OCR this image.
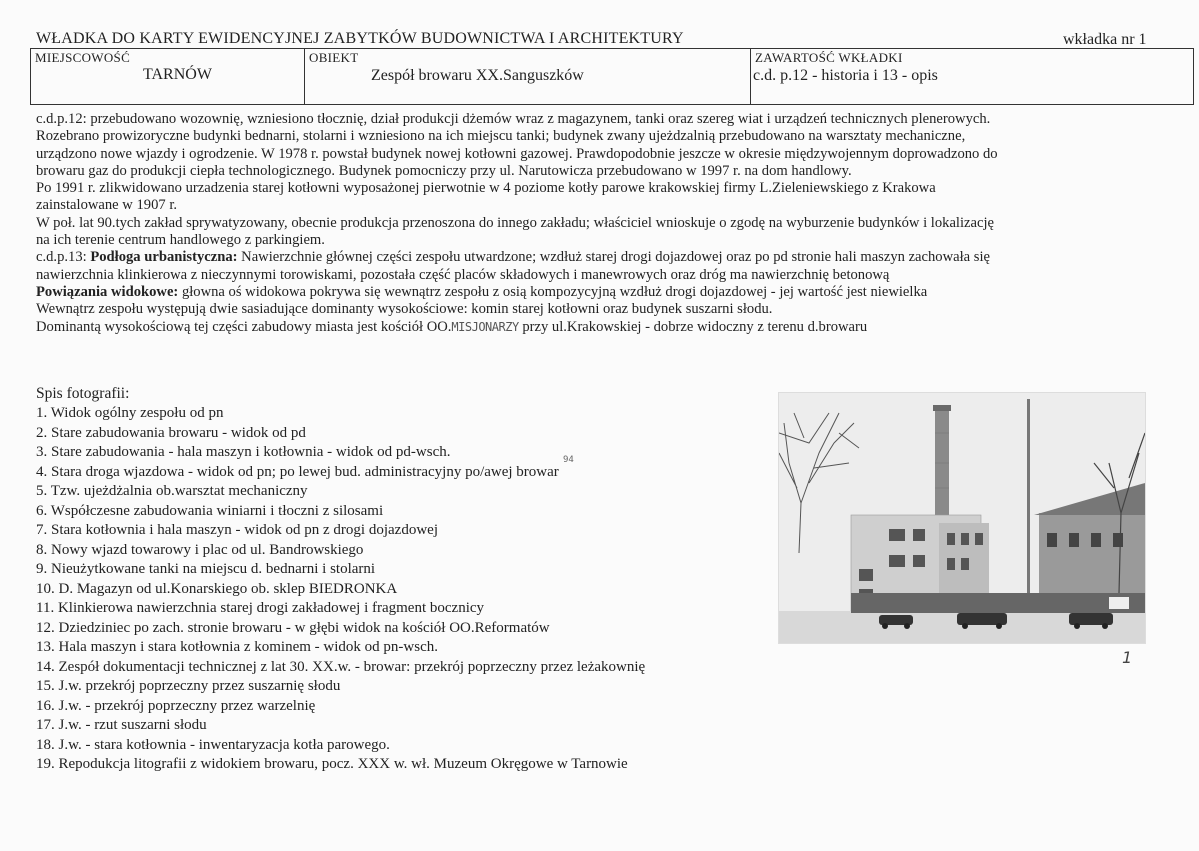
WŁADKA DO KARTY EWIDENCYJNEJ ZABYTKÓW BUDOWNICTWA I ARCHITEKTURY	wkładka nr 1
MIEJSCOWOŚĆ
TARNÓW
OBIEKT
Zespół browaru XX.Sanguszków
ZAWARTOŚĆ WKŁADKI
c.d. p.12 - historia i 13 - opis

c.d.p.12: przebudowano wozownię, wzniesiono tłocznię, dział produkcji dżemów wraz z magazynem, tanki oraz szereg wiat i urządzeń technicznych plenerowych.

Rozebrano prowizoryczne budynki bednarni, stolarni i wzniesiono na ich miejscu tanki; budynek zwany ujeżdzalnią przebudowano na warsztaty mechaniczne,

urządzono nowe wjazdy i ogrodzenie. W 1978 r. powstał budynek nowej kotłowni gazowej. Prawdopodobnie jeszcze w okresie międzywojennym doprowadzono do

browaru gaz do produkcji ciepła technologicznego. Budynek pomocniczy przy ul. Narutowicza przebudowano w 1997 r. na dom handlowy.

Po 1991 r. zlikwidowano urzadzenia starej kotłowni wyposażonej pierwotnie w 4 poziome kotły parowe krakowskiej firmy L.Zieleniewskiego z Krakowa

zainstalowane w 1907 r.

W poł. lat 90.tych zakład sprywatyzowany, obecnie produkcja przenoszona do innego zakładu; właściciel wnioskuje o zgodę na wyburzenie budynków i lokalizację

na ich terenie centrum handlowego z parkingiem.

c.d.p.13: Podłoga urbanistyczna: Nawierzchnie głównej części zespołu utwardzone; wzdłuż starej drogi dojazdowej oraz po pd stronie hali maszyn zachowała się

nawierzchnia klinkierowa z nieczynnymi torowiskami, pozostała część placów składowych i manewrowych oraz dróg ma nawierzchnię betonową

Powiązania widokowe: głowna oś widokowa pokrywa się wewnątrz zespołu z osią kompozycyjną wzdłuż drogi dojazdowej - jej wartość jest niewielka

Wewnątrz zespołu występują dwie sasiadujące dominanty wysokościowe: komin starej kotłowni oraz budynek suszarni słodu.

Dominantą wysokościową tej części zabudowy miasta jest kościół OO.MISJONARZY przy ul.Krakowskiej - dobrze widoczny z terenu d.browaru

Spis fotografii:
1. Widok ogólny zespołu od pn
2. Stare zabudowania browaru - widok od pd
3. Stare zabudowania - hala maszyn i kotłownia - widok od pd-wsch.
4. Stara droga wjazdowa - widok od pn; po lewej bud. administracyjny po/awej browar
5. Tzw. ujeżdżalnia ob.warsztat mechaniczny
6. Współczesne zabudowania winiarni i tłoczni z silosami
7. Stara kotłownia i hala maszyn - widok od pn z drogi dojazdowej
8. Nowy wjazd towarowy i plac od ul. Bandrowskiego
9. Nieużytkowane tanki na miejscu d. bednarni i stolarni
10. D. Magazyn od ul.Konarskiego ob. sklep BIEDRONKA
11. Klinkierowa nawierzchnia starej drogi zakładowej i fragment bocznicy
12. Dziedziniec po zach. stronie browaru - w głębi widok na kościół OO.Reformatów
13. Hala maszyn i stara kotłownia z kominem - widok od pn-wsch.
14. Zespół dokumentacji technicznej z lat 30. XX.w. - browar: przekrój poprzeczny przez leżakownię
15. J.w. przekrój poprzeczny przez suszarnię słodu
16. J.w. - przekrój poprzeczny przez warzelnię
17. J.w. - rzut suszarni słodu
18. J.w. - stara kotłownia - inwentaryzacja kotła parowego.
19. Repodukcja litografii z widokiem browaru, pocz. XXX w. wł. Muzeum Okręgowe w Tarnowie
94
1
